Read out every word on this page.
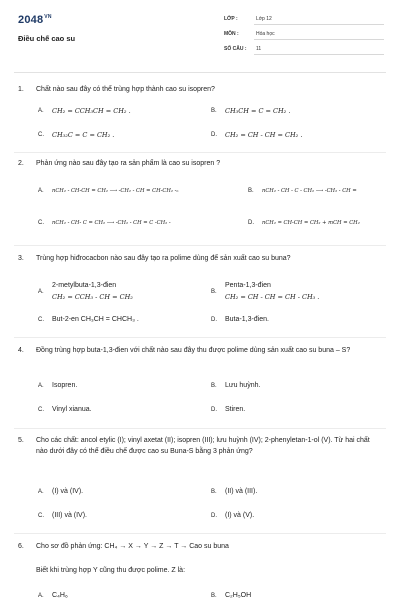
$2048^{VN}$
Điều chế cao su
LỚP :	Lớp 12
MÔN :	Hóa học
SỐ CÂU : 11
1. Chất nào sau đây có thể trùng hợp thành cao su isopren?
A. CH₂ = CCH₃CH = CH₂ .	B. CH₃CH = C = CH₂ .
C. CH₃₂C = C = CH₂ .	D. CH₂ = CH - CH = CH₂ .
2. Phản ứng nào sau đây tạo ra sản phẩm là cao su isopren ?
A. nCH₂ - CH-CH = CH₂ ⟶ -CH₂ - CH = CH-CH₂ -ₙ	B. nCH₂ - CH - C - CH₂ ⟶ -CH₂ - CH =
C. nCH₂ - CH- C = CH₂ ⟶ -CH₂ - CH = C -CH₂ -	D. nCH₂ = CH-CH = CH₂ + mCH = CH₂
3. Trùng hợp hiđrocacbon nào sau đây tạo ra polime dùng để sản xuất cao su buna?
A.
2-metylbuta-1,3-đien
CH₂ = CCH₃ - CH = CH₂
B.
Penta-1,3-đien
CH₂ = CH - CH = CH - CH₃ .
C. But-2-en CH₃CH = CHCH₃ .	D. Buta-1,3-đien.
4. Đồng trùng hợp buta-1,3-đien với chất nào sau đây thu được polime dùng sản xuất cao su buna – S?
A. Isopren.	B. Lưu huỳnh.
C. Vinyl xianua.	D. Stiren.
5. Cho các chất: ancol etylic (I); vinyl axetat (II); isopren (III); lưu huỳnh (IV); 2-phenyletan-1-ol (V). Từ hai chất nào dưới đây có thể điều chế được cao su Buna-S bằng 3 phản ứng?
A. (I) và (IV).	B. (II) và (III).
C. (III) và (IV).	D. (I) và (V).
6. Cho sơ đồ phản ứng: CH₄ → X → Y → Z → T → Cao su buna
Biết khi trùng hợp Y cũng thu được polime. Z là:
A. C₄H₆	B. C₂H₅OH
